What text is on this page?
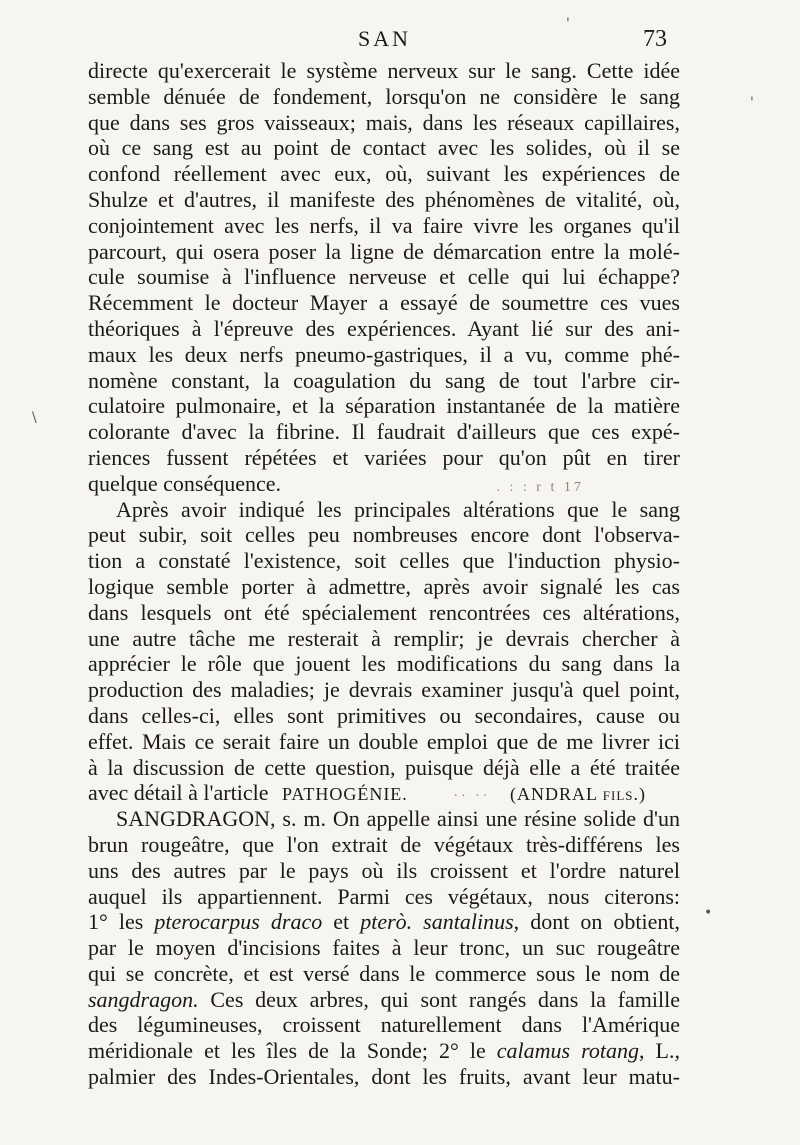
SAN	73
directe qu'exercerait le système nerveux sur le sang. Cette idée
semble dénuée de fondement, lorsqu'on ne considère le sang
que dans ses gros vaisseaux; mais, dans les réseaux capillaires,
où ce sang est au point de contact avec les solides, où il se
confond réellement avec eux, où, suivant les expériences de
Shulze et d'autres, il manifeste des phénomènes de vitalité, où,
conjointement avec les nerfs, il va faire vivre les organes qu'il
parcourt, qui osera poser la ligne de démarcation entre la molé-
cule soumise à l'influence nerveuse et celle qui lui échappe?
Récemment le docteur Mayer a essayé de soumettre ces vues
théoriques à l'épreuve des expériences. Ayant lié sur des ani-
maux les deux nerfs pneumo-gastriques, il a vu, comme phé-
nomène constant, la coagulation du sang de tout l'arbre cir-
culatoire pulmonaire, et la séparation instantanée de la matière
colorante d'avec la fibrine. Il faudrait d'ailleurs que ces expé-
riences fussent répétées et variées pour qu'on pût en tirer
quelque conséquence.	. : : r t 17
Après avoir indiqué les principales altérations que le sang
peut subir, soit celles peu nombreuses encore dont l'observa-
tion a constaté l'existence, soit celles que l'induction physio-
logique semble porter à admettre, après avoir signalé les cas
dans lesquels ont été spécialement rencontrées ces altérations,
une autre tâche me resterait à remplir; je devrais chercher à
apprécier le rôle que jouent les modifications du sang dans la
production des maladies; je devrais examiner jusqu'à quel point,
dans celles-ci, elles sont primitives ou secondaires, cause ou
effet. Mais ce serait faire un double emploi que de me livrer ici
à la discussion de cette question, puisque déjà elle a été traitée
avec détail à l'article PATHOGÉNIE.	·· ·· (ANDRAL fils.)
SANGDRAGON, s. m. On appelle ainsi une résine solide d'un
brun rougeâtre, que l'on extrait de végétaux très-différens les
uns des autres par le pays où ils croissent et l'ordre naturel
auquel ils appartiennent. Parmi ces végétaux, nous citerons:
1° les pterocarpus draco et pterò. santalinus, dont on obtient,
par le moyen d'incisions faites à leur tronc, un suc rougeâtre
qui se concrète, et est versé dans le commerce sous le nom de
sangdragon. Ces deux arbres, qui sont rangés dans la famille
des légumineuses, croissent naturellement dans l'Amérique
méridionale et les îles de la Sonde; 2° le calamus rotang, L.,
palmier des Indes-Orientales, dont les fruits, avant leur matu-
'
'
\
•
